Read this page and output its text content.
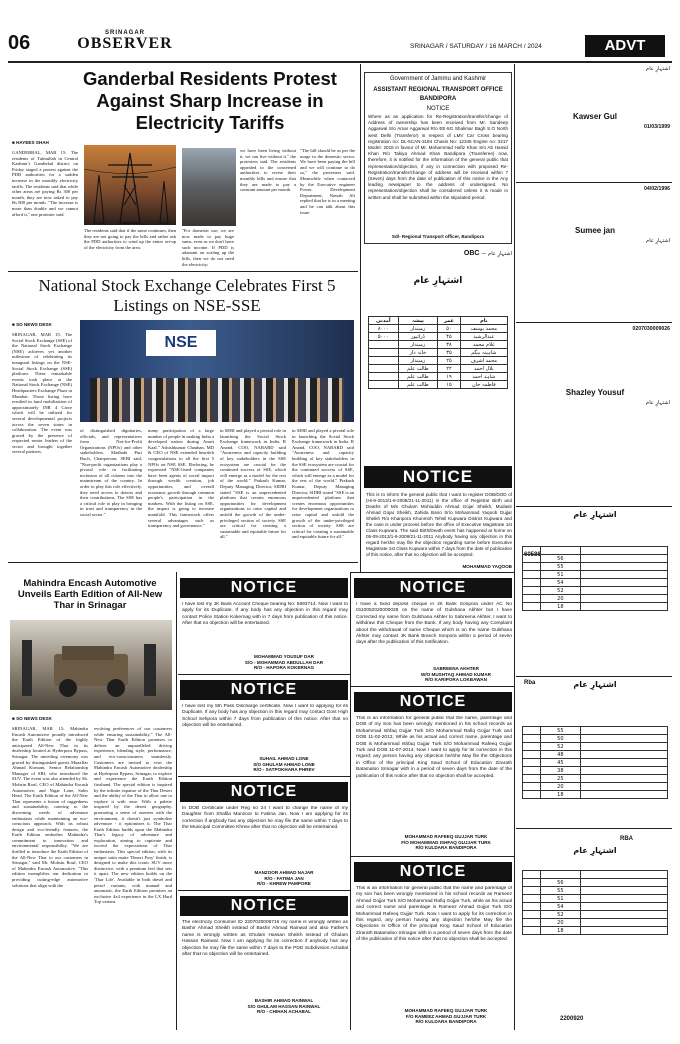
06	SRINAGAR
OBSERVER	SRINAGAR / SATURDAY / 16 MARCH / 2024	ADVT
Ganderbal Residents Protest Against Sharp Increase in Electricity Tariffs
■ HAYEES SHAH
GANDERBAL, MAR 15: The residents of Tulmullah in Central Kashmir's Ganderbal district on Friday staged a protest against the PDD authorities for a sudden increase in the monthly electricity tariffs. The residents said that while other areas are paying Rs 300 per month, they are now asked to pay Rs 800 per month. "The increase is more than double and we cannot afford it," one protester said.
The residents said that if the same continues, then they are not going to pay the bills and rather ask the PDD authorities to wind up the entire set-up of the electricity from the area.
"For domestic use, we are now made to pay huge sums, even as we don't have such income. If PDD is adamant on scaling up the bills, then we do not need the electricity;
we have been living without it, we can live without it," the protesters said. The residents appealed to the concerned authorities to revise their monthly bills and ensure that they are made to pay a constant amount per month.
"The bill should be as per the usage in the domestic sector. We have been paying the bill and we will continue to do so," the protesters said. Meanwhile when contacted by the Executive engineer Power Development Department, Nawab Ali replied that he is in a meeting and he can talk about this issue.
National Stock Exchange Celebrates First 5 Listings on NSE-SSE
■ SO NEWS DESK
SRINAGAR, MAR 15: The Social Stock Exchange (SSE) of the National Stock Exchange (NSE) achieves yet another milestone of celebrating its inaugural listings on the NSE-Social Stock Exchange (SSE) platform. These remarkable events took place at the National Stock Exchange (NSE) Headquarters Exchange Plaza in Mumbai. Those listing have resulted in fund mobilization of approximately INR 4 Crore which will be utilized for several developmental projects across the seven states in collaboration. The event was graced by the presence of respected senior leaders of the sector and brought together several partners.
NSE
of distinguished dignitaries, officials, and representatives from Not-for-Profit Organizations (NPOs) and other stakeholders. Madhabi Puri Buch, Chairperson, SEBI said, "Non-profit organizations play a pivotal role in facilitating inclusion of all citizens into the mainstream of the country. In order to play this role effectively, they need access to donors and their contributions. The SSE has a critical role to play in bringing in trust and transparency in the social sector."
many participation of a large number of people in making India a developed nation during Amrit Kaal." Ashishkumar Chauhan, MD & CEO of NSE extended heartfelt congratulations to all the first 5 NPOs on NSE SSE. Ebeloring, he expressed "NSE-listed companies have been agents of social impact through wealth creation, job opportunities, and overall economic growth through common people's participation in the markets. With the listing on SSE, the impact is going to increase manifold. This framework offers several advantages such as transparency and governance."
in SEBI and played a pivotal role in launching the Social Stock Exchange framework in India. R Anand, COO, NABARD said "Awareness and capacity building of key stakeholders in the SSE ecosystem are crucial for the continued success of SSE, which will emerge as a model for the rest of the world." Prakash Kumar, Deputy Managing Director, SIDBI stated "SSE is an unprecedented platform that creates enormous opportunities for development organizations to raise capital and unfold the growth of the under-privileged section of society. SSE are critical for creating a sustainable and equitable future for all."
in SEBI and played a pivotal role in launching the Social Stock Exchange framework in India. R Anand, COO, NABARD said "Awareness and capacity building of key stakeholders in the SSE ecosystem are crucial for the continued success of SSE, which will emerge as a model for the rest of the world." Prakash Kumar, Deputy Managing Director, SIDBI stated "SSE is an unprecedented platform that creates enormous opportunities for development organizations to raise capital and unfold the growth of the under-privileged section of society. SSE are critical for creating a sustainable and equitable future for all."
Mahindra Encash Automotive Unveils Earth Edition of All-New Thar in Srinagar
■ SO NEWS DESK
SRINAGAR, MAR 15: Mahindra Encash Automotive proudly introduced the Earth Edition of the highly anticipated All-New Thar in its dealership located at Hyderpora Bypass, Srinagar. The unveiling ceremony was graced by distinguished guests Muzaffar Ahmad Kirmani, Senior Relationship Manager of SBI, who introduced the SUV. The event was also attended by Sh. Mohsin Rouf, CEO of Mahindra Encash Automotive, and Nigar Lone, Sales Head. The Earth Edition of the All-New Thar represents a fusion of ruggedness and sustainability, catering to the discerning needs of adventure enthusiasts while maintaining an eco-conscious approach. With its robust design and eco-friendly features, the Earth Edition embodies Mahindra's commitment to innovation and environmental responsibility. "We are thrilled to introduce the Earth Edition of the All-New Thar to our customers in Srinagar," said Mr. Mohsin Rouf, CEO of Mahindra Encash Automotive. "This edition exemplifies our dedication to providing cutting-edge automotive solutions that align with the
evolving preferences of our customers while ensuring sustainability." The All-New Thar Earth Edition promises to deliver an unparalleled driving experience, blending style, performance, and eco-consciousness seamlessly. Customers are invited to visit the Mahindra Encash Automotive dealership at Hyderpora Bypass, Srinagar, to explore and experience the Earth Edition firsthand. The special edition is inspired by the infinite expanse of the Thar Desert and the ability of the Thar to allow one to explore it with ease. With a palette inspired by the desert geography, promoting a sense of oneness with the environment, it doesn't just symbolise adventure - it epitomizes it. The Thar Earth Edition builds upon the Mahindra Thar's legacy of adventure and exploration, aiming to captivate and exceed the expectations of Thar enthusiasts. This special edition, with its unique satin matte 'Desert Fury' finish, is designed to make this iconic SUV more distinctive, with a premium feel that sets it apart. The new edition builds on the 'Thar Life'. Available in both diesel and petrol variants, with manual and automatic, the Earth Edition promises an exclusive 4x4 experience in the LX Hard Top variant.
NOTICE
I have lost my JK Bank Account Cheque bearing No: 5693714. Now I want to apply for its Duplicate. If any body has any objection in this regard may contact Police Station Kokernag with in 7 days from publication of this notice. After that no objection will be entertained.
MOHAMMAD YOUSUF DAR
S/O - MOHAMMAD ABDULLAH DAR
R/O - HAPORA KOKERNAG
NOTICE
I have lost my 5th Pass Discharge certificate. Now I want to applying for its Duplicate. If any body has any objection in this regard may contact Govt High School Sehpora within 7 days from publication of this notice. After that no objection will be entertained.
SUHAIL AHMAD LONE
S/O GHULAM AHMAD LONE
R/O - SATPOKHARA PHREV
NOTICE
In DOB Certificate under Reg no 24 I want to change the name of my Daughter from Shafila Manzoor to Fatima Jan. Now I am applying for its correction if anybody has any objection he may file the same within 7 days to the Municipal Committee Khrew after that no objection will be entertained.
MANZOOR AHMAD NAJAR
R/O - FATIMA JAN
R/O - KHREW PAMPORE
NOTICE
The electricity Consumer ID 2207020006716 my name is wrongly written as Bashir Ahmad Sheikh instead of Bashir Ahmad Rainwal and also Father's name is wrongly written as Ghulam Hassan Sheikh instead of Ghulam Hassan Rainwal. Now I am applying for its correction if anybody has any objection he may file the same within 7 days to the PDD Subdivision Achabal after that no objection will be entertained.
BASHIR AHMAD RAINWAL
S/O GHULAM HASSAN RAINWAL
R/O - CHIHAN ACHABAL
Government of Jammu and Kashmir
ASSISTANT REGIONAL TRANSPORT OFFICE BANDIPORA
NOTICE
Where as an application for Re-Registration/transfer/change of Address of ownership has been received from Mr. Sandeep Aggarwal S/o Amar Aggarwal R/o EE-5G Shalimar Bagh S.O North west Delhi (Transferor) in respect of LMV Car Cross bearing registration no: DL-5CAN-3194 Chasis No: 12345 Engine no: 3217 Model: 2018 in favour of Mr. Mohammad Hafiz Khan S/o Ab Hamid Khan R/o Takiya Ahmad Khan Bandipora (Transferee) now, therefore, it is notified for the information of the general public that representation/objection, if any in connection with proposed Re-Registration/transfer/change of address will be received within 7 (Seven) days from the date of publication of this notice in the Any leading newspaper to the address of undersigned. No representation/objection shall be considered unless it is made in written and shall be submitted within the stipulated period.
Sd/- Regional Transport officer, Bandipora
اشتہارِ عام — OBC
اشتہارِ عام
نام	عمر	پیشہ	آمدنی
محمد یوسف	۵۰	زمیندار	۸۰۰۰
عبدالرشید	۴۵	ڈرائیور	۵۰۰۰
غلام محمد	۳۸	زمیندار	
شاہینہ بیگم	۳۵	خانہ دار	
محمد اشرف	۲۵	زمیندار	
بلال احمد	۲۲	طالب علم	
شاہد احمد	۱۹	طالب علم	
فاطمہ جان	۱۵	طالب علم	
NOTICE
This is to inform the general public that I want to register DOB/DOD of (Hi-9-2013/1-9-2008/21-11-2011) in the office of Registrar Birth and Deaths of M/s Ghulam Mohiuddin Ahmad Gojar Sheikh, Mudasir Ahmad Gojar Sheikh, Zahida Bano Sr/o Mohammad Yaqoob Gujjar Sheikh R/o Khanpora Khunmoh Tehsil Kupwara District Kupwara and the case is under process before the office of Executive Magistrate 1st Class Kupwara. The said Birth/Death event has happened at home on 05-09-2013/1-9-2008/21-11-2011 Anybody having any objection in this regard he/she may file the objection regarding same before Executive Magistrate 1st Class Kupwara within 7 days from the date of publication of this notice, after that no objection will be accepted.
MOHAMMAD YAQOOB
NOTICE
I have a fixed deposit cheque in JK Bank Sonpora under AC No 0110052020000028 on the name of Gulshana Akhter but I have Corrected my name from Gulshana Akhter to Sabreena Akhter. I want to withdraw this Cheque from the Bank. If any body having any Complaint about the withdrawal of same Cheque which is on the name Gulshana Akhter may contact JK Bank Branch Sonpora within a period of seven days after the publication of this notification.
SABREENA AKHTER
W/O MUSHTAQ AHMAD KUMAR
R/O KARIPORA LOKBAWAN
NOTICE
This is an information for general public that the name, parentage and DOB of my Son has been wrongly mentioned in his school records as Mohammad Ishfaq Gojjar Turk S/O Mohammad Rafiq Gojjar Turk and DOB 11-02-2013, While as his actual and correct name, parentage and DOB is Mohammad Ishfaq Gujjar Turk S/O Mohammad Rafeeq Gujjar Turk and DOB 11-07-2014. Now I want to apply for its correction in this regard; any person having any objection he/She May file the Objections in Office of the principal King Saud School of Education Zirarath Batamaloo Srinagar with in a period of seven days from the date of the publication of this notice after that no objection shall be accepted.
MOHAMMAD RAFEEQ GUJJAR TURK
F/O MOHAMMAD ISHFAQ GUJJAR TURK
R/O KULDARA BANDIPORA
NOTICE
This is an information for general public that the name and parentage of my son has been wrongly mentioned in his school records as Rameez Ahmad Gojjar Turk S/O Mohammad Rafiq Gojjar Turk, while as his actual and correct name and parentage is Rameez Ahmad Gujjar Turk S/O Mohammad Rafeeq Gujjar Turk. Now I want to apply for its correction in this regard, any person having any objection he/She May file the Objections in Office of the principal King Saud School of Education Zirarath Batamaloo Srinagar with in a period of seven days from the date of the publication of this notice after that no objection shall be accepted.
MOHAMMAD RAFEEQ GUJJAR TURK
F/O RAMEEZ AHMAD GUJJAR TURK
R/O KULDARA BANDIPORA
اشتہارِ عام
Kawser Gul
01/03/1999
04/02/1996
Sumee jan
اشتہارِ عام
0207030009026
Shazley Yousuf
اشتہارِ عام
اشتہارِ عام
60586

	56	
	55	
	51	
	54	
	52	
	20	
	18	
Rba	اشتہارِ عام
	55	
	50	
	52	
	48	
	45	
	38	
	25	
	20	
	18	
RBA
اشتہارِ عام

	56	
	55	
	51	
	54	
	52	
	20	
	18	
2200920
